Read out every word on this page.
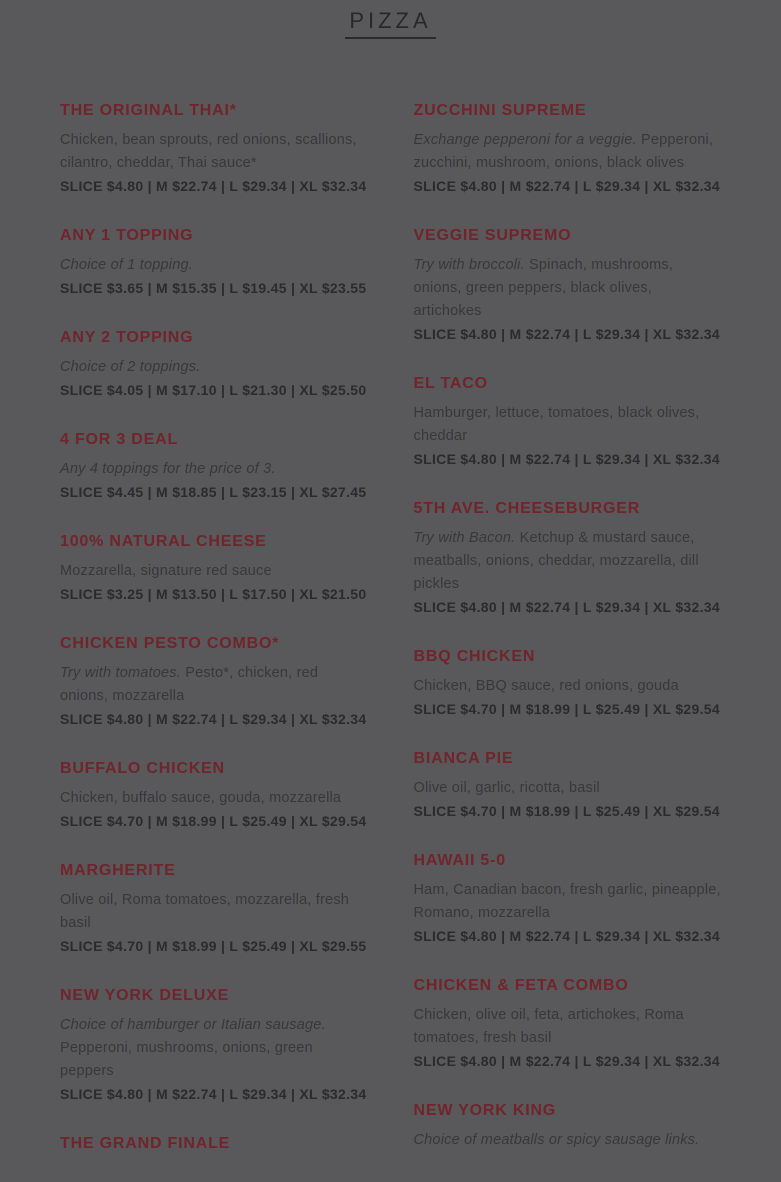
PIZZA
THE ORIGINAL THAI*

Chicken, bean sprouts, red onions, scallions, cilantro, cheddar, Thai sauce*

SLICE $4.80 | M $22.74 | L $29.34 | XL $32.34

ANY 1 TOPPING

Choice of 1 topping.

SLICE $3.65 | M $15.35 | L $19.45 | XL $23.55

ANY 2 TOPPING

Choice of 2 toppings.

SLICE $4.05 | M $17.10 | L $21.30 | XL $25.50

4 FOR 3 DEAL

Any 4 toppings for the price of 3.

SLICE $4.45 | M $18.85 | L $23.15 | XL $27.45

100% NATURAL CHEESE

Mozzarella, signature red sauce

SLICE $3.25 | M $13.50 | L $17.50 | XL $21.50

CHICKEN PESTO COMBO*

Try with tomatoes. Pesto*, chicken, red onions, mozzarella

SLICE $4.80 | M $22.74 | L $29.34 | XL $32.34

BUFFALO CHICKEN

Chicken, buffalo sauce, gouda, mozzarella

SLICE $4.70 | M $18.99 | L $25.49 | XL $29.54

MARGHERITE

Olive oil, Roma tomatoes, mozzarella, fresh basil

SLICE $4.70 | M $18.99 | L $25.49 | XL $29.55

NEW YORK DELUXE

Choice of hamburger or Italian sausage. Pepperoni, mushrooms, onions, green peppers

SLICE $4.80 | M $22.74 | L $29.34 | XL $32.34

THE GRAND FINALE
ZUCCHINI SUPREME

Exchange pepperoni for a veggie. Pepperoni, zucchini, mushroom, onions, black olives

SLICE $4.80 | M $22.74 | L $29.34 | XL $32.34

VEGGIE SUPREMO

Try with broccoli. Spinach, mushrooms, onions, green peppers, black olives, artichokes

SLICE $4.80 | M $22.74 | L $29.34 | XL $32.34

EL TACO

Hamburger, lettuce, tomatoes, black olives, cheddar

SLICE $4.80 | M $22.74 | L $29.34 | XL $32.34

5TH AVE. CHEESEBURGER

Try with Bacon. Ketchup & mustard sauce, meatballs, onions, cheddar, mozzarella, dill pickles

SLICE $4.80 | M $22.74 | L $29.34 | XL $32.34

BBQ CHICKEN

Chicken, BBQ sauce, red onions, gouda

SLICE $4.70 | M $18.99 | L $25.49 | XL $29.54

BIANCA PIE

Olive oil, garlic, ricotta, basil

SLICE $4.70 | M $18.99 | L $25.49 | XL $29.54

HAWAII 5-0

Ham, Canadian bacon, fresh garlic, pineapple, Romano, mozzarella

SLICE $4.80 | M $22.74 | L $29.34 | XL $32.34

CHICKEN & FETA COMBO

Chicken, olive oil, feta, artichokes, Roma tomatoes, fresh basil

SLICE $4.80 | M $22.74 | L $29.34 | XL $32.34

NEW YORK KING

Choice of meatballs or spicy sausage links.
